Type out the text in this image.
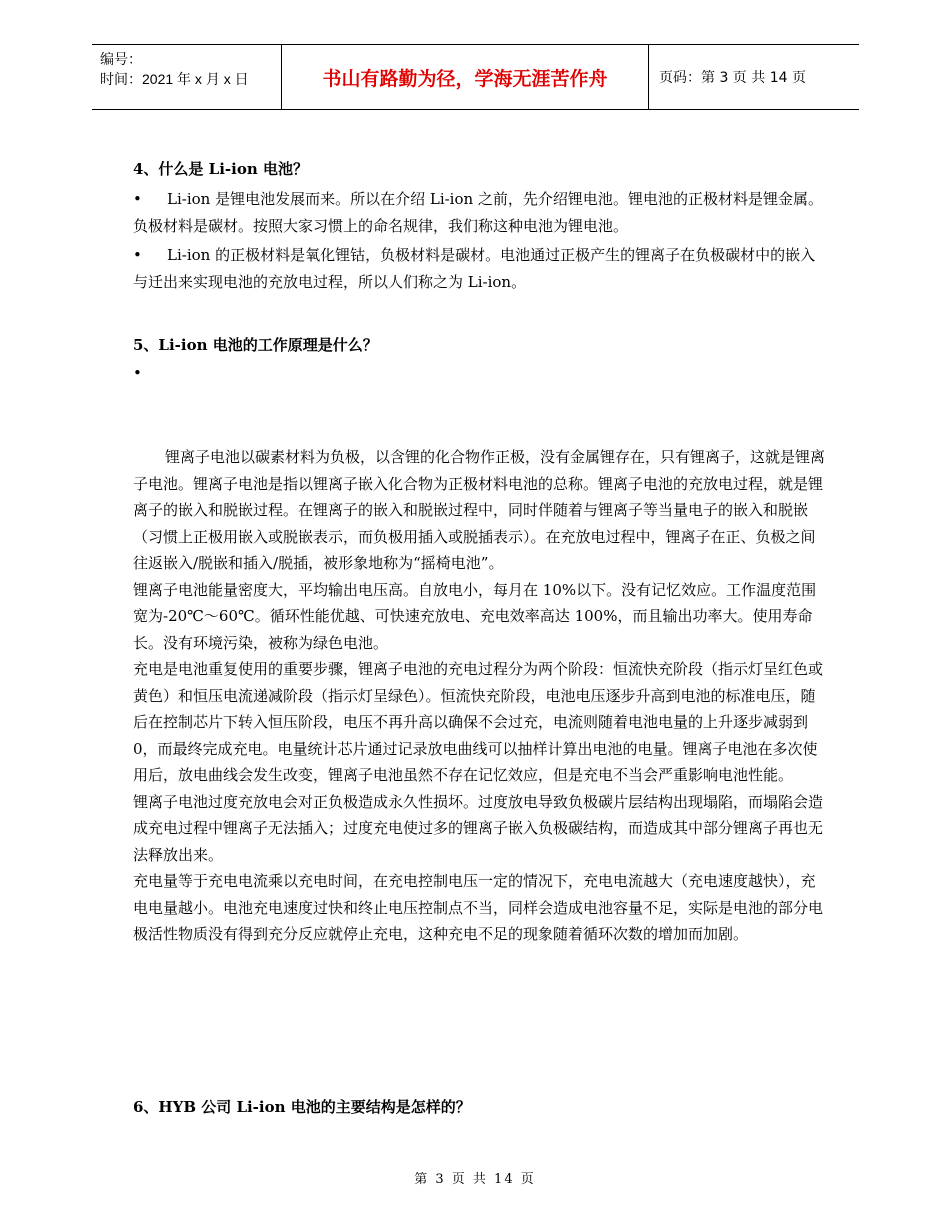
编号：
时间：2021 年 x 月 x 日	书山有路勤为径，学海无涯苦作舟	页码：第 3 页 共 14 页
4、什么是 Li-ion 电池？
• Li-ion 是锂电池发展而来。所以在介绍 Li-ion 之前，先介绍锂电池。锂电池的正极材料是锂金属。负极材料是碳材。按照大家习惯上的命名规律，我们称这种电池为锂电池。
• Li-ion 的正极材料是氧化锂钴，负极材料是碳材。电池通过正极产生的锂离子在负极碳材中的嵌入与迁出来实现电池的充放电过程，所以人们称之为 Li-ion。
5、Li-ion 电池的工作原理是什么？
•

锂离子电池以碳素材料为负极，以含锂的化合物作正极，没有金属锂存在，只有锂离子，这就是锂离子电池。锂离子电池是指以锂离子嵌入化合物为正极材料电池的总称。锂离子电池的充放电过程，就是锂离子的嵌入和脱嵌过程。在锂离子的嵌入和脱嵌过程中，同时伴随着与锂离子等当量电子的嵌入和脱嵌（习惯上正极用嵌入或脱嵌表示，而负极用插入或脱插表示）。在充放电过程中，锂离子在正、负极之间往返嵌入/脱嵌和插入/脱插，被形象地称为“摇椅电池”。

锂离子电池能量密度大，平均输出电压高。自放电小，每月在 10%以下。没有记忆效应。工作温度范围宽为-20℃～60℃。循环性能优越、可快速充放电、充电效率高达 100%，而且输出功率大。使用寿命长。没有环境污染，被称为绿色电池。

充电是电池重复使用的重要步骤，锂离子电池的充电过程分为两个阶段：恒流快充阶段（指示灯呈红色或黄色）和恒压电流递减阶段（指示灯呈绿色）。恒流快充阶段，电池电压逐步升高到电池的标准电压，随后在控制芯片下转入恒压阶段，电压不再升高以确保不会过充，电流则随着电池电量的上升逐步减弱到 0，而最终完成充电。电量统计芯片通过记录放电曲线可以抽样计算出电池的电量。锂离子电池在多次使用后，放电曲线会发生改变，锂离子电池虽然不存在记忆效应，但是充电不当会严重影响电池性能。

锂离子电池过度充放电会对正负极造成永久性损坏。过度放电导致负极碳片层结构出现塌陷，而塌陷会造成充电过程中锂离子无法插入；过度充电使过多的锂离子嵌入负极碳结构，而造成其中部分锂离子再也无法释放出来。

充电量等于充电电流乘以充电时间，在充电控制电压一定的情况下，充电电流越大（充电速度越快），充电电量越小。电池充电速度过快和终止电压控制点不当，同样会造成电池容量不足，实际是电池的部分电极活性物质没有得到充分反应就停止充电，这种充电不足的现象随着循环次数的增加而加剧。

6、HYB 公司 Li-ion 电池的主要结构是怎样的？
第 3 页 共 14 页
